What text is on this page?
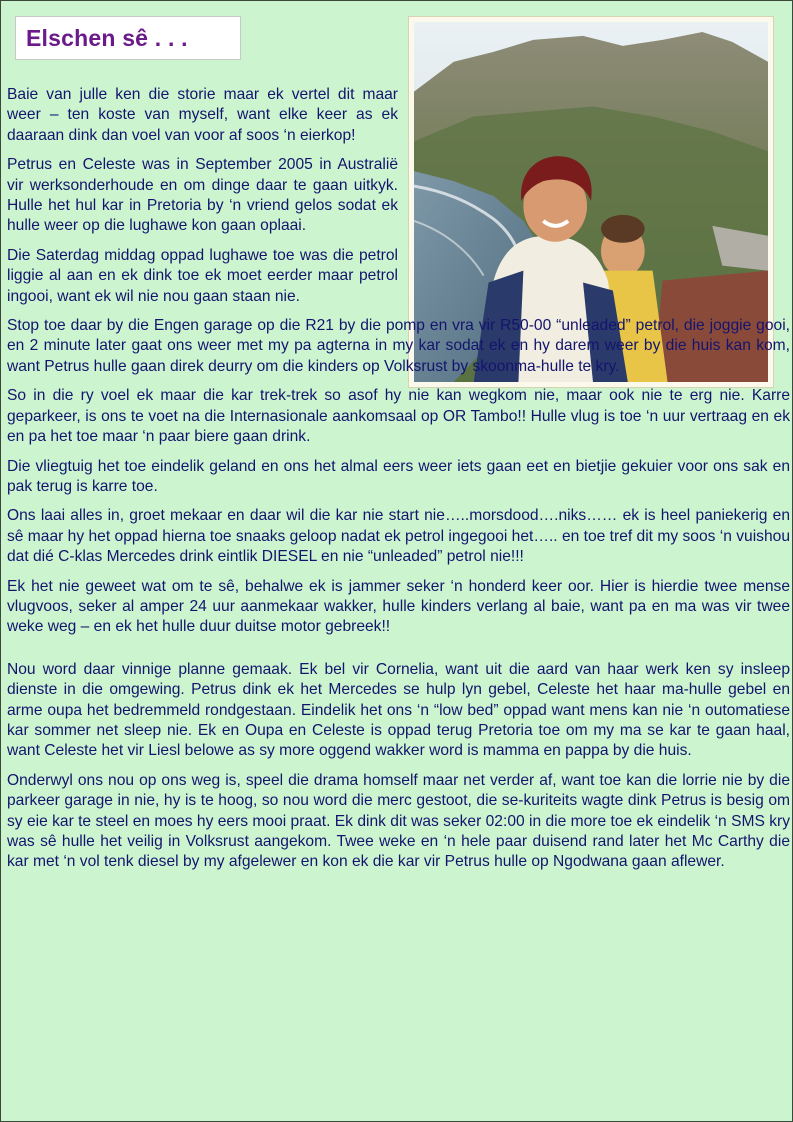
Elschen sê . . .

Baie van julle ken die storie maar ek vertel dit maar weer – ten koste van myself, want elke keer as ek daaraan dink dan voel van voor af soos ‘n eierkop!

Petrus en Celeste was in September 2005 in Australië vir werksonderhoude en om dinge daar te gaan uitkyk. Hulle het hul kar in Pretoria by ‘n vriend gelos sodat ek hulle weer op die lughawe kon gaan oplaai.

Die Saterdag middag oppad lughawe toe was die petrol liggie al aan en ek dink toe ek moet eerder maar petrol ingooi, want ek wil nie nou gaan staan nie.

Stop toe daar by die Engen garage op die R21 by die pomp en vra vir R50-00 “unleaded” petrol, die joggie gooi, en 2 minute later gaat ons weer met my pa agterna in my kar sodat ek en hy darem weer by die huis kan kom, want Petrus hulle gaan direk deurry om die kinders op Volksrust by skoonma-hulle te kry.

So in die ry voel ek maar die kar trek-trek so asof hy nie kan wegkom nie, maar ook nie te erg nie. Karre geparkeer, is ons te voet na die Internasionale aankomsaal op OR Tambo!! Hulle vlug is toe ‘n uur vertraag en ek en pa het toe maar ‘n paar biere gaan drink.

Die vliegtuig het toe eindelik geland en ons het almal eers weer iets gaan eet en bietjie gekuier voor ons sak en pak terug is karre toe.

Ons laai alles in, groet mekaar en daar wil die kar nie start nie…..morsdood….niks…… ek is heel paniekerig en sê maar hy het oppad hierna toe snaaks geloop nadat ek petrol ingegooi het….. en toe tref dit my soos ‘n vuishou dat dié C-klas Mercedes drink eintlik DIESEL en nie “unleaded” petrol nie!!!

Ek het nie geweet wat om te sê, behalwe ek is jammer seker ‘n honderd keer oor. Hier is hierdie twee mense vlugvoos, seker al amper 24 uur aanmekaar wakker, hulle kinders verlang al baie, want pa en ma was vir twee weke weg – en ek het hulle duur duitse motor gebreek!!

Nou word daar vinnige planne gemaak. Ek bel vir Cornelia, want uit die aard van haar werk ken sy insleep dienste in die omgewing. Petrus dink ek het Mercedes se hulp lyn gebel, Celeste het haar ma-hulle gebel en arme oupa het bedremmeld rondgestaan. Eindelik het ons ‘n “low bed” oppad want mens kan nie ‘n outomatiese kar sommer net sleep nie. Ek en Oupa en Celeste is oppad terug Pretoria toe om my ma se kar te gaan haal, want Celeste het vir Liesl belowe as sy more oggend wakker word is mamma en pappa by die huis.

Onderwyl ons nou op ons weg is, speel die drama homself maar net verder af, want toe kan die lorrie nie by die parkeer garage in nie, hy is te hoog, so nou word die merc gestoot, die se-kuriteits wagte dink Petrus is besig om sy eie kar te steel en moes hy eers mooi praat. Ek dink dit was seker 02:00 in die more toe ek eindelik ‘n SMS kry was sê hulle het veilig in Volksrust aangekom. Twee weke en ‘n hele paar duisend rand later het Mc Carthy die kar met ‘n vol tenk diesel by my afgelewer en kon ek die kar vir Petrus hulle op Ngodwana gaan aflewer.
